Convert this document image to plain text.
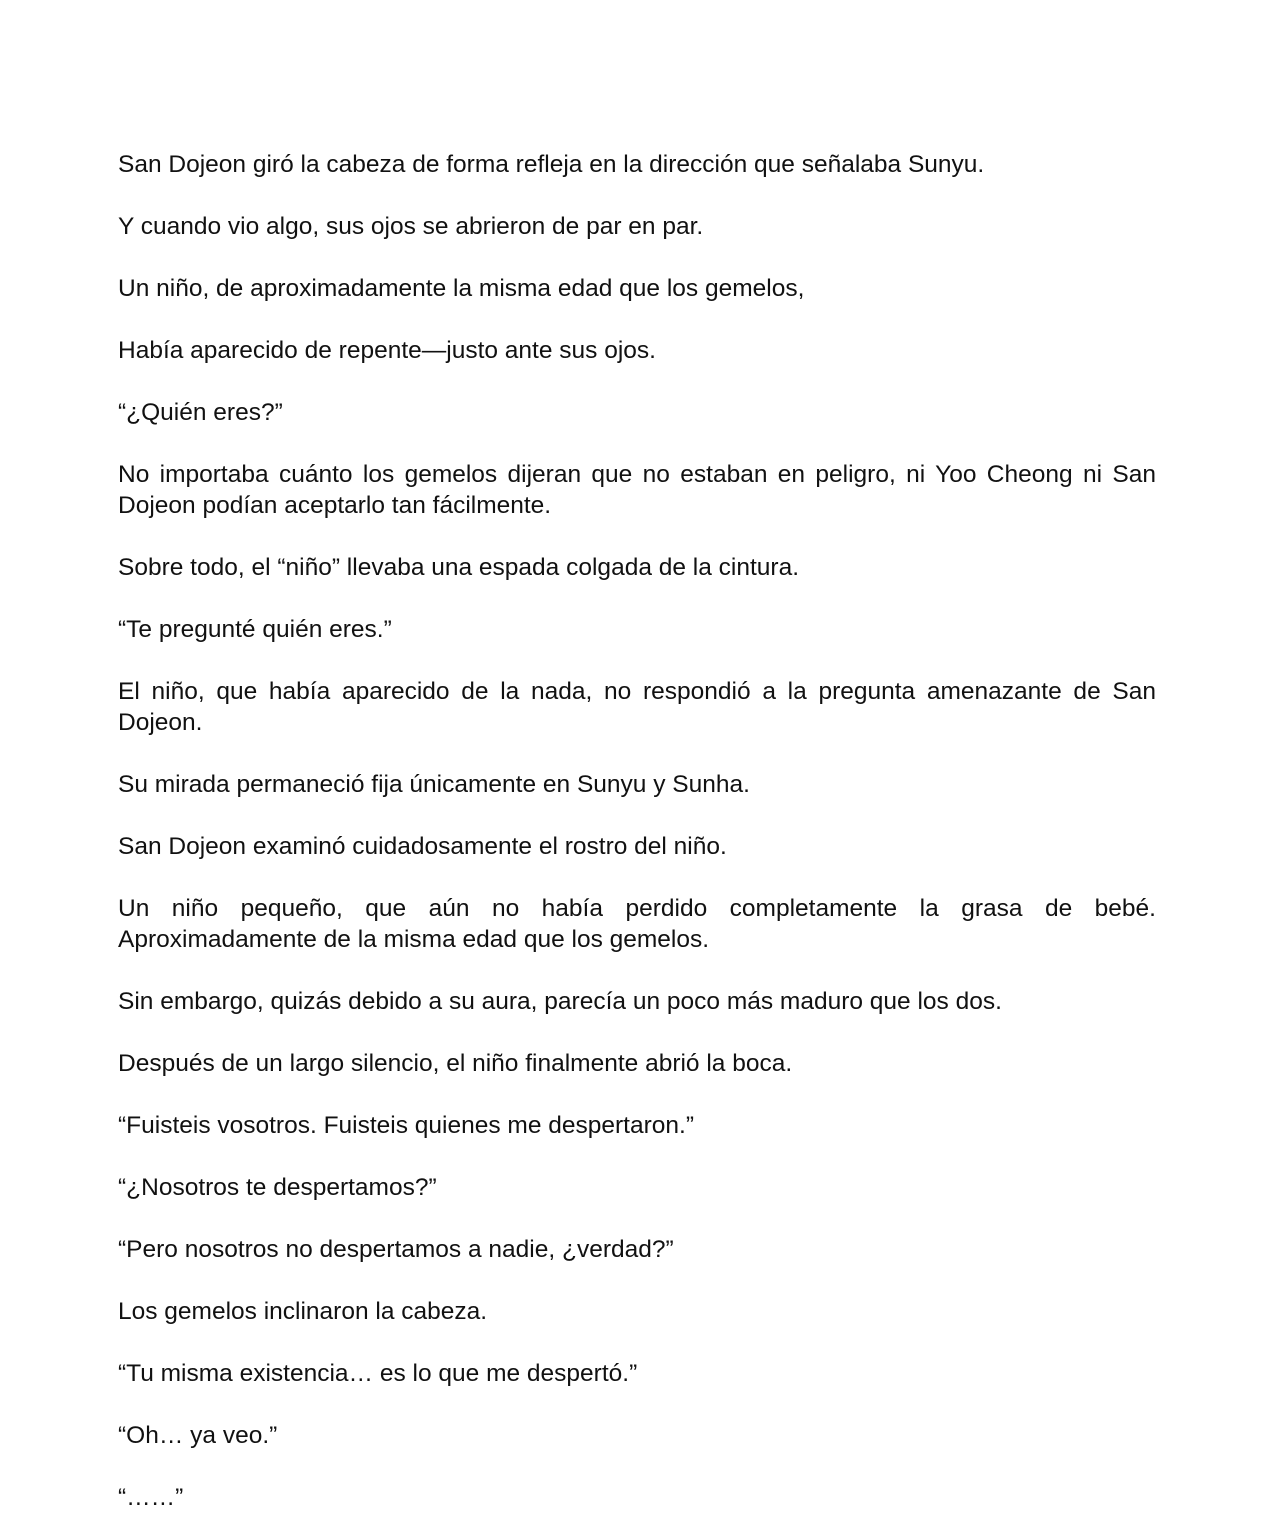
San Dojeon giró la cabeza de forma refleja en la dirección que señalaba Sunyu.

Y cuando vio algo, sus ojos se abrieron de par en par.

Un niño, de aproximadamente la misma edad que los gemelos,

Había aparecido de repente—justo ante sus ojos.

“¿Quién eres?”

No importaba cuánto los gemelos dijeran que no estaban en peligro, ni Yoo Cheong ni San Dojeon podían aceptarlo tan fácilmente.

Sobre todo, el “niño” llevaba una espada colgada de la cintura.

“Te pregunté quién eres.”

El niño, que había aparecido de la nada, no respondió a la pregunta amenazante de San Dojeon.

Su mirada permaneció fija únicamente en Sunyu y Sunha.

San Dojeon examinó cuidadosamente el rostro del niño.

Un niño pequeño, que aún no había perdido completamente la grasa de bebé. Aproximadamente de la misma edad que los gemelos.

Sin embargo, quizás debido a su aura, parecía un poco más maduro que los dos.

Después de un largo silencio, el niño finalmente abrió la boca.

“Fuisteis vosotros. Fuisteis quienes me despertaron.”

“¿Nosotros te despertamos?”

“Pero nosotros no despertamos a nadie, ¿verdad?”

Los gemelos inclinaron la cabeza.

“Tu misma existencia… es lo que me despertó.”

“Oh… ya veo.”

“……”
